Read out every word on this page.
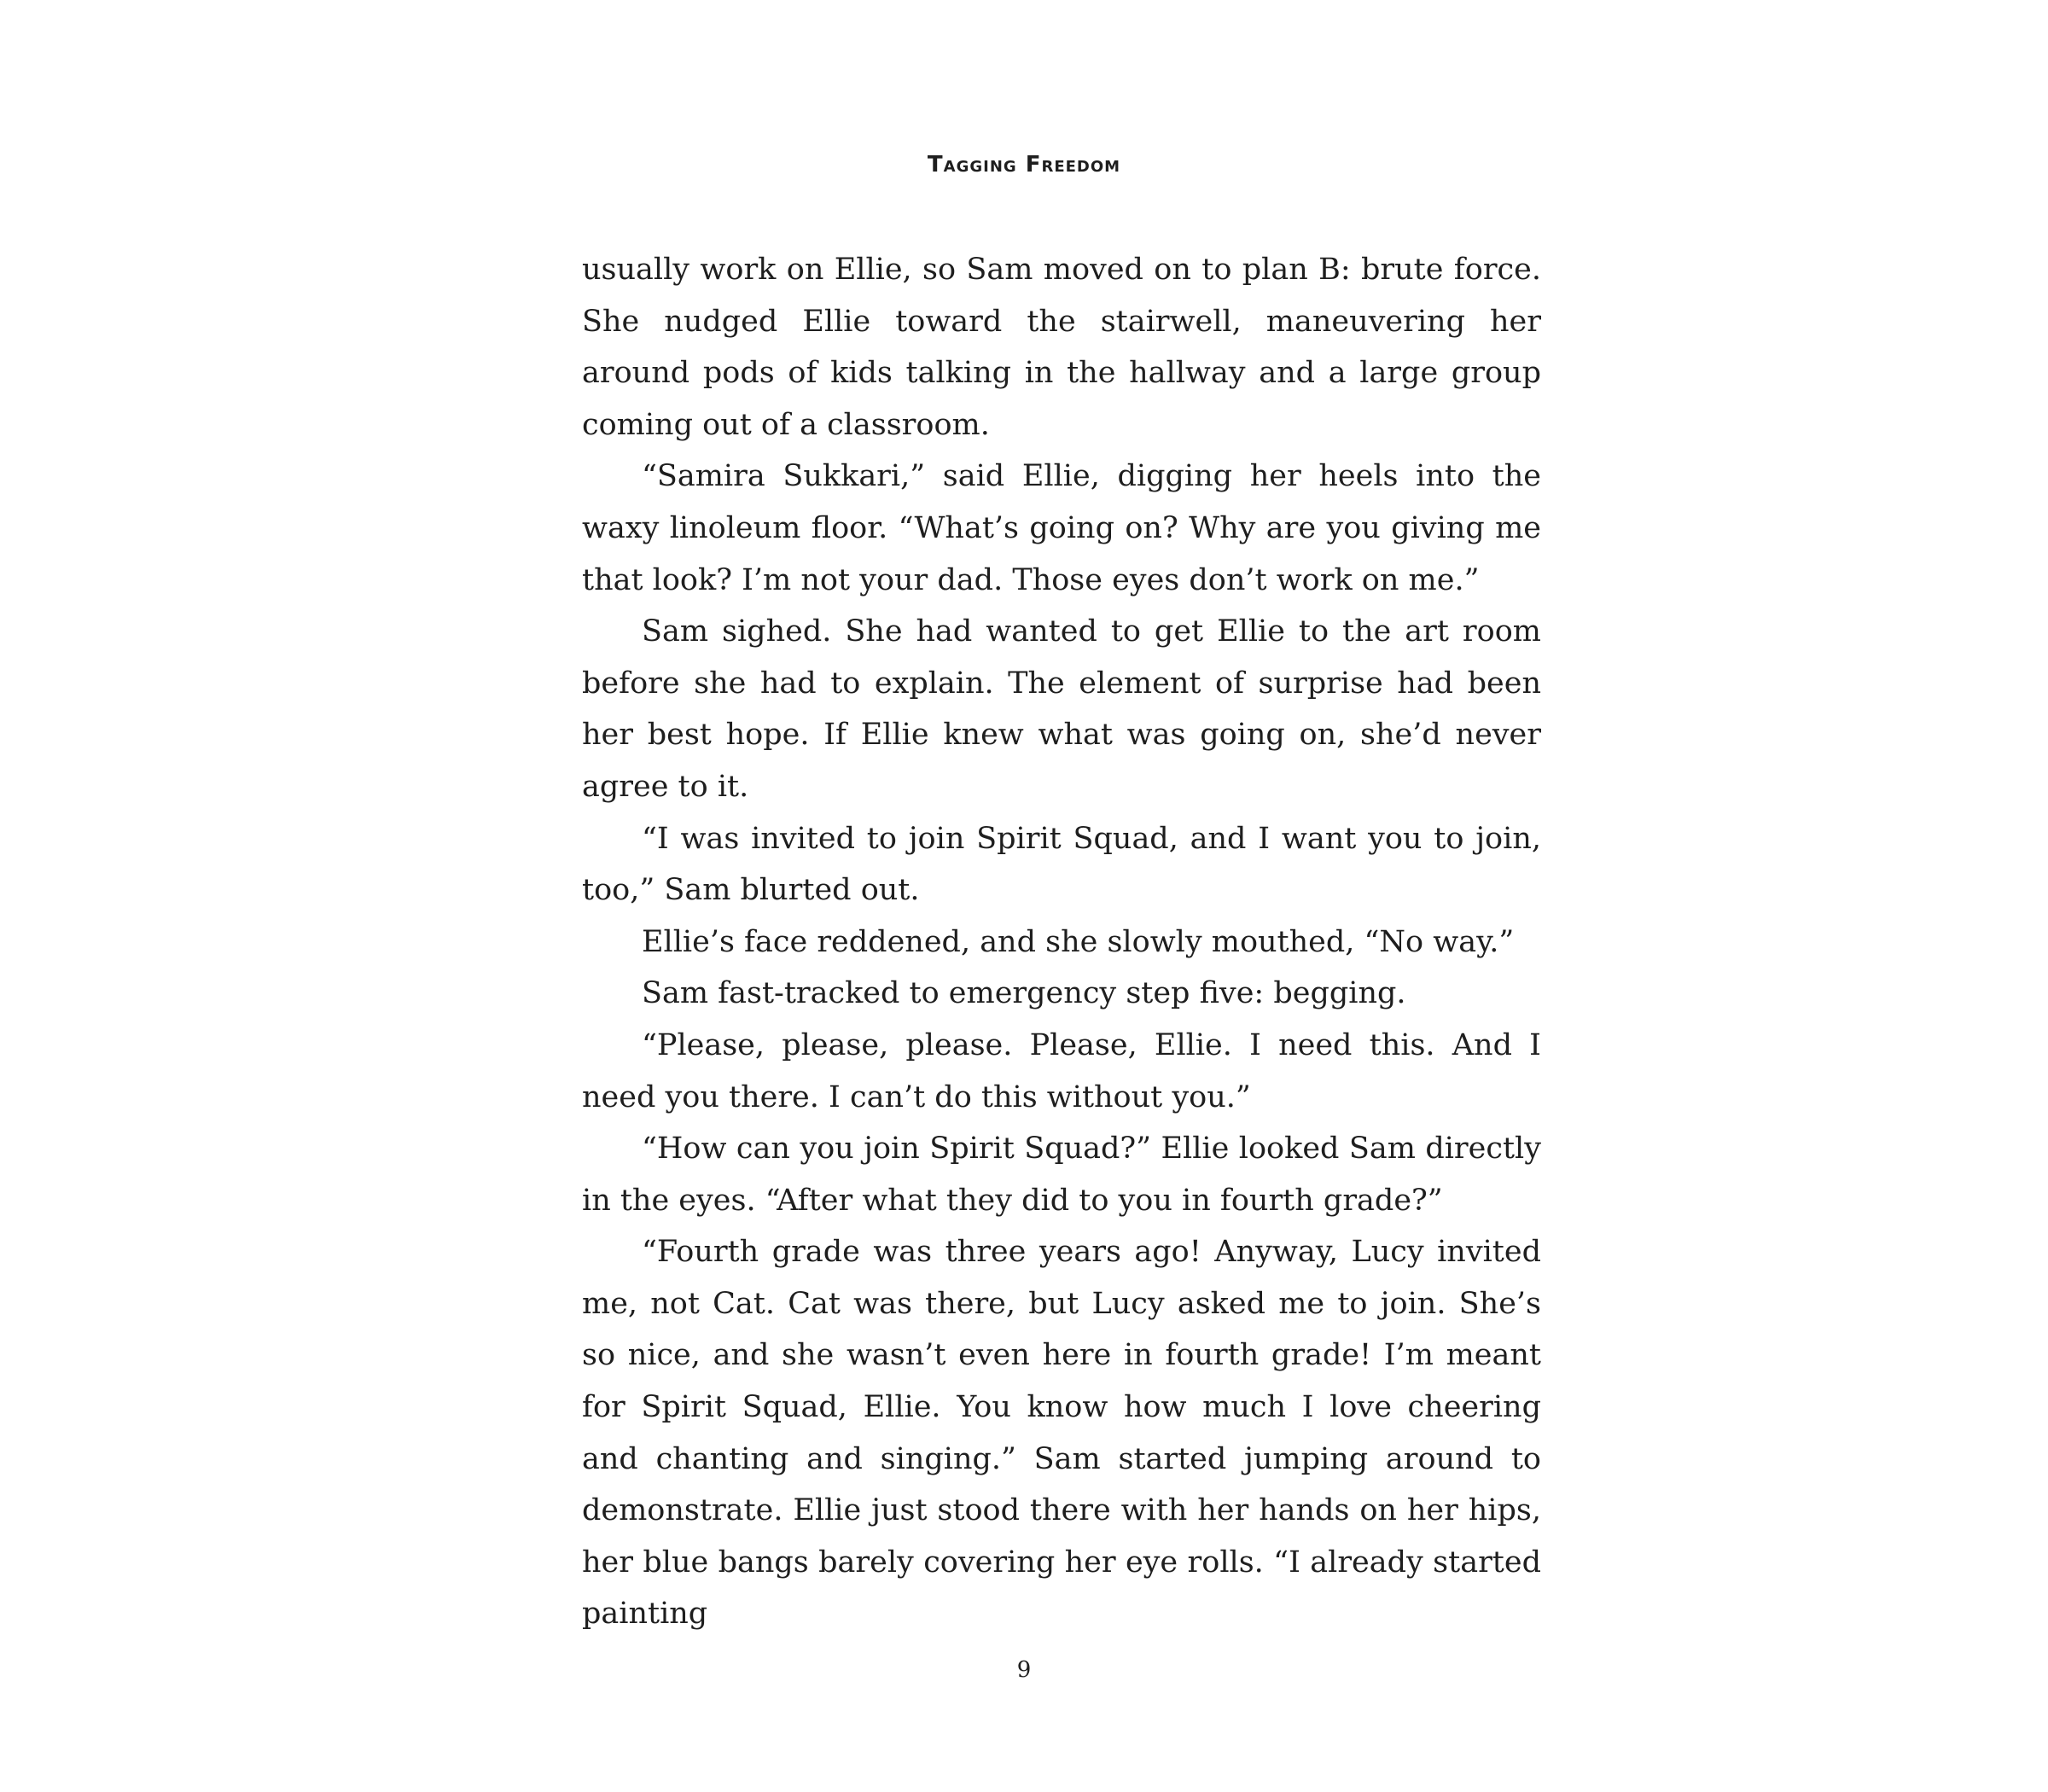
Tagging Freedom

usually work on Ellie, so Sam moved on to plan B: brute force. She nudged Ellie toward the stairwell, maneuvering her around pods of kids talking in the hallway and a large group coming out of a classroom.

“Samira Sukkari,” said Ellie, digging her heels into the waxy linoleum floor. “What’s going on? Why are you giving me that look? I’m not your dad. Those eyes don’t work on me.”

Sam sighed. She had wanted to get Ellie to the art room before she had to explain. The element of surprise had been her best hope. If Ellie knew what was going on, she’d never agree to it.

“I was invited to join Spirit Squad, and I want you to join, too,” Sam blurted out.

Ellie’s face reddened, and she slowly mouthed, “No way.”

Sam fast-tracked to emergency step five: begging.

“Please, please, please. Please, Ellie. I need this. And I need you there. I can’t do this without you.”

“How can you join Spirit Squad?” Ellie looked Sam directly in the eyes. “After what they did to you in fourth grade?”

“Fourth grade was three years ago! Anyway, Lucy invited me, not Cat. Cat was there, but Lucy asked me to join. She’s so nice, and she wasn’t even here in fourth grade! I’m meant for Spirit Squad, Ellie. You know how much I love cheering and chanting and singing.” Sam started jumping around to demonstrate. Ellie just stood there with her hands on her hips, her blue bangs barely covering her eye rolls. “I already started painting

9
